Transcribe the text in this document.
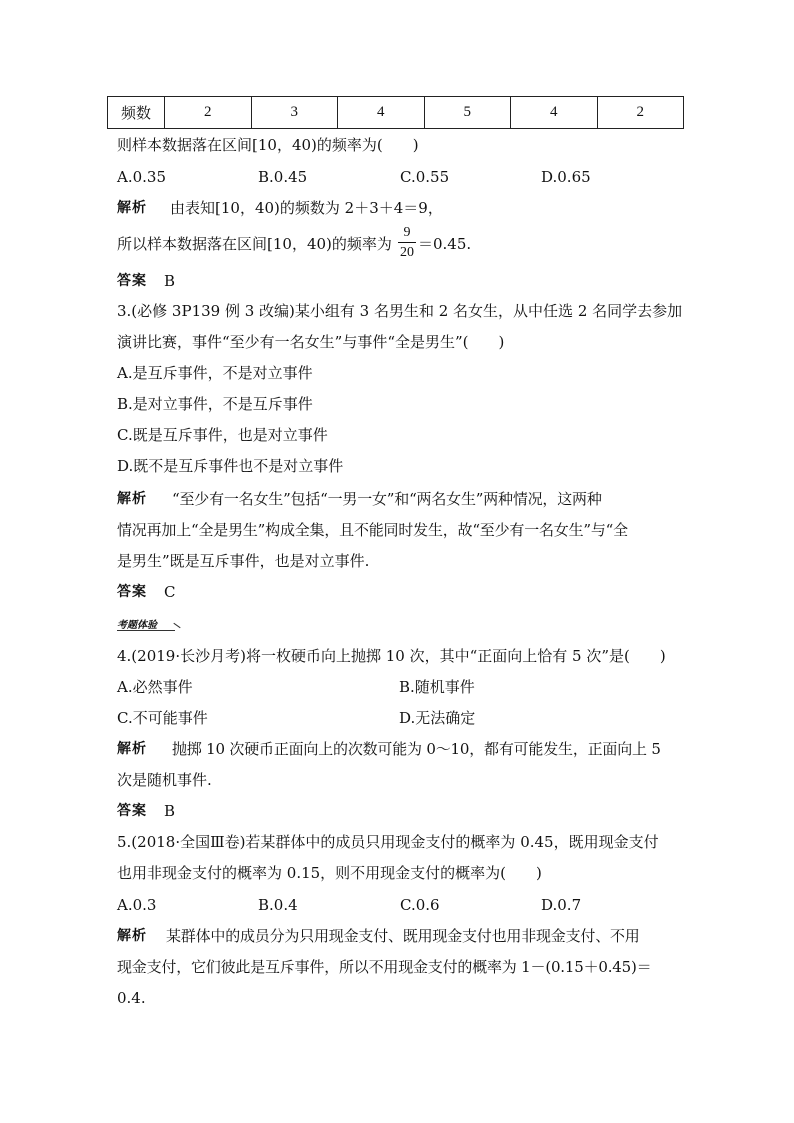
频数	2	3	4	5	4	2
则样本数据落在区间[10，40)的频率为(　　)
A.0.35	B.0.45	C.0.55	D.0.65
解析 由表知[10，40)的频数为 2＋3＋4＝9，
所以样本数据落在区间[10，40)的频率为
9
20 ＝0.45.
答案 B
3.(必修 3P139 例 3 改编)某小组有 3 名男生和 2 名女生，从中任选 2 名同学去参加
演讲比赛，事件“至少有一名女生”与事件“全是男生”(　　)
A.是互斥事件，不是对立事件
B.是对立事件，不是互斥事件
C.既是互斥事件，也是对立事件
D.既不是互斥事件也不是对立事件
解析 “至少有一名女生”包括“一男一女”和“两名女生”两种情况，这两种
情况再加上“全是男生”构成全集，且不能同时发生，故“至少有一名女生”与“全
是男生”既是互斥事件，也是对立事件.
答案 C
考题体验
4.(2019·长沙月考)将一枚硬币向上抛掷 10 次，其中“正面向上恰有 5 次”是(　　)
A.必然事件	B.随机事件
C.不可能事件	D.无法确定
解析 抛掷 10 次硬币正面向上的次数可能为 0～10，都有可能发生，正面向上 5
次是随机事件.
答案 B
5.(2018·全国Ⅲ卷)若某群体中的成员只用现金支付的概率为 0.45，既用现金支付
也用非现金支付的概率为 0.15，则不用现金支付的概率为(　　)
A.0.3	B.0.4	C.0.6	D.0.7
解析 某群体中的成员分为只用现金支付、既用现金支付也用非现金支付、不用
现金支付，它们彼此是互斥事件，所以不用现金支付的概率为 1－(0.15＋0.45)＝
0.4.
